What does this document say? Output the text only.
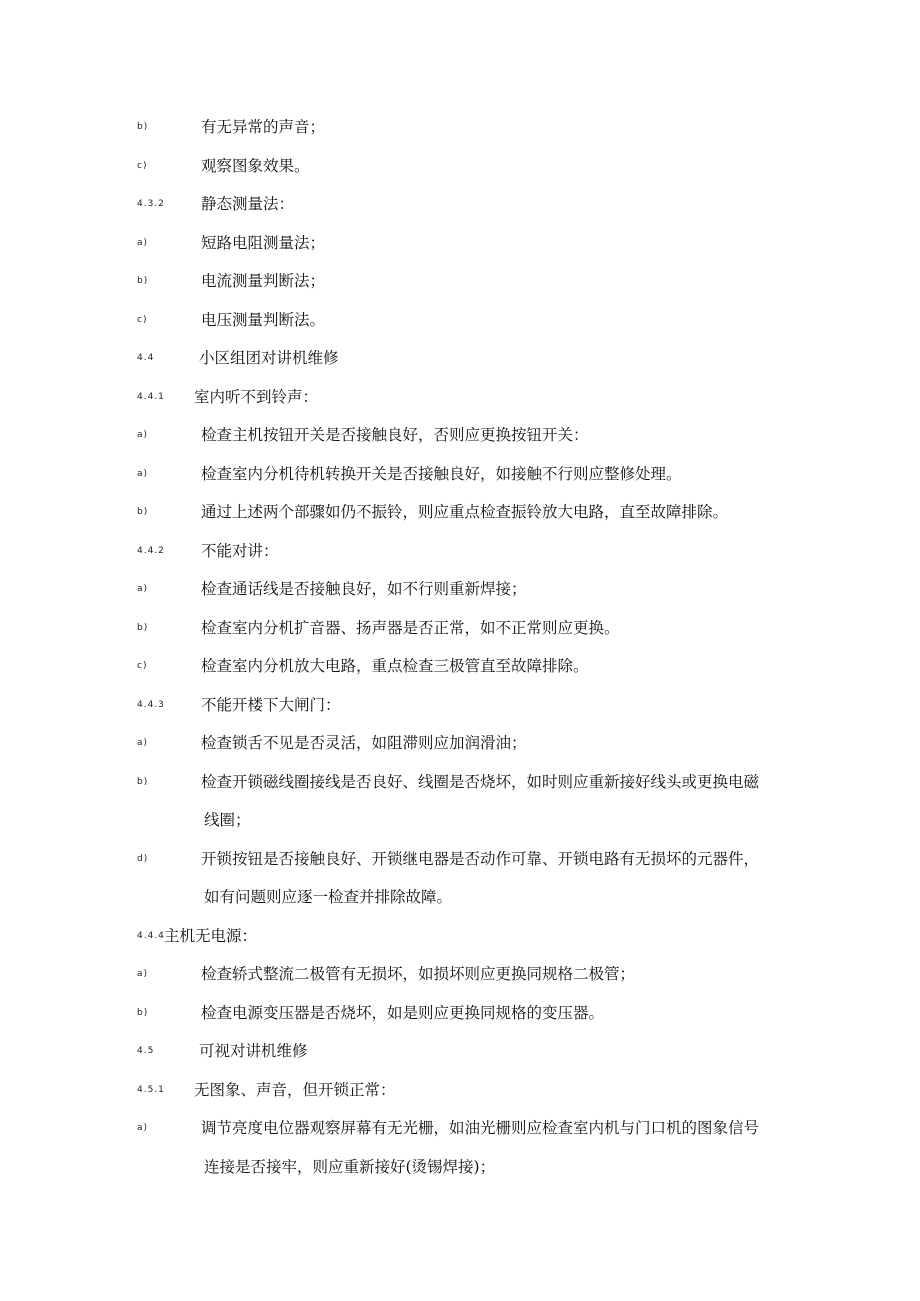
b)	有无异常的声音；
c)	观察图象效果。
4.3.2 静态测量法：
a)	短路电阻测量法；
b)	电流测量判断法；
c)	电压测量判断法。
4.4	小区组团对讲机维修
4.4.1 室内听不到铃声：
a)	检查主机按钮开关是否接触良好，否则应更换按钮开关：
a)	检查室内分机待机转换开关是否接触良好，如接触不行则应整修处理。
b)	通过上述两个部骤如仍不振铃，则应重点检查振铃放大电路，直至故障排除。
4.4.2 不能对讲：
a)	检查通话线是否接触良好，如不行则重新焊接；
b)	检查室内分机扩音器、扬声器是否正常，如不正常则应更换。
c)	检查室内分机放大电路，重点检查三极管直至故障排除。
4.4.3 不能开楼下大闸门：
a)	检查锁舌不见是否灵活，如阻滞则应加润滑油；
b)	检查开锁磁线圈接线是否良好、线圈是否烧坏，如时则应重新接好线头或更换电磁
线圈；
d)	开锁按钮是否接触良好、开锁继电器是否动作可靠、开锁电路有无损坏的元器件，
如有问题则应逐一检查并排除故障。
4.4.4 主机无电源：
a)	检查轿式整流二极管有无损坏，如损坏则应更换同规格二极管；
b)	检查电源变压器是否烧坏，如是则应更换同规格的变压器。
4.5	可视对讲机维修
4.5.1 无图象、声音，但开锁正常：
a)	调节亮度电位器观察屏幕有无光栅，如油光栅则应检查室内机与门口机的图象信号
连接是否接牢，则应重新接好(烫锡焊接)；
